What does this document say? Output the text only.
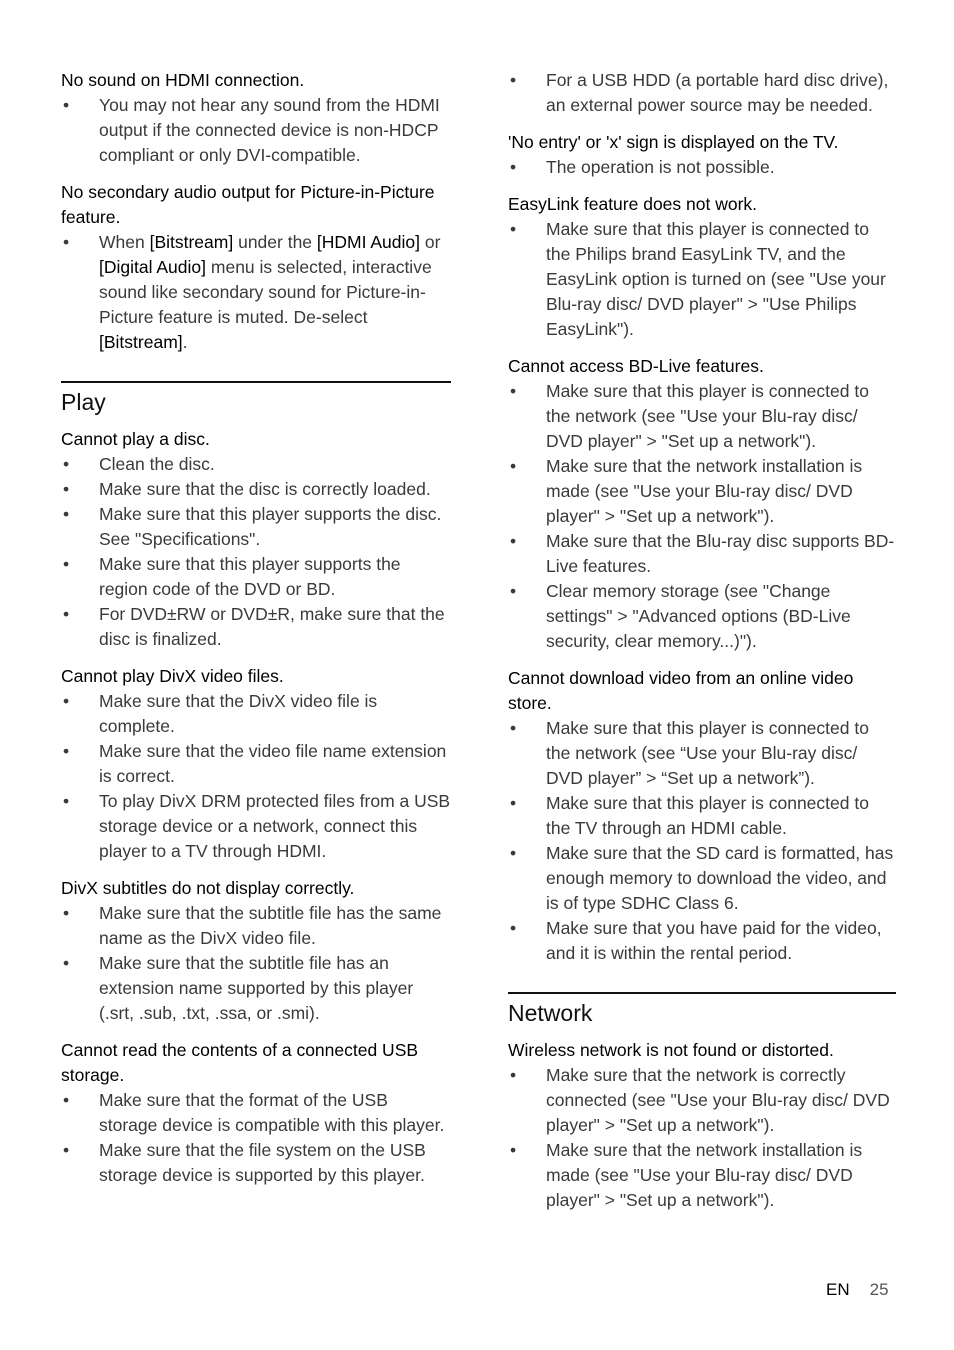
No sound on HDMI connection.

• You may not hear any sound from the HDMI output if the connected device is non-HDCP compliant or only DVI-compatible.

No secondary audio output for Picture-in-Picture feature.

• When [Bitstream] under the [HDMI Audio] or [Digital Audio] menu is selected, interactive sound like secondary sound for Picture-in-Picture feature is muted. De-select [Bitstream].
Play

Cannot play a disc.

• Clean the disc.
• Make sure that the disc is correctly loaded.
• Make sure that this player supports the disc. See "Specifications".
• Make sure that this player supports the region code of the DVD or BD.
• For DVD±RW or DVD±R, make sure that the disc is finalized.

Cannot play DivX video files.

• Make sure that the DivX video file is complete.
• Make sure that the video file name extension is correct.
• To play DivX DRM protected files from a USB storage device or a network, connect this player to a TV through HDMI.

DivX subtitles do not display correctly.

• Make sure that the subtitle file has the same name as the DivX video file.
• Make sure that the subtitle file has an extension name supported by this player (.srt, .sub, .txt, .ssa, or .smi).

Cannot read the contents of a connected USB storage.

• Make sure that the format of the USB storage device is compatible with this player.
• Make sure that the file system on the USB storage device is supported by this player.
• For a USB HDD (a portable hard disc drive), an external power source may be needed.

'No entry' or 'x' sign is displayed on the TV.

• The operation is not possible.

EasyLink feature does not work.

• Make sure that this player is connected to the Philips brand EasyLink TV, and the EasyLink option is turned on (see "Use your Blu-ray disc/ DVD player" > "Use Philips EasyLink").

Cannot access BD-Live features.

• Make sure that this player is connected to the network (see "Use your Blu-ray disc/ DVD player" > "Set up a network").
• Make sure that the network installation is made (see "Use your Blu-ray disc/ DVD player" > "Set up a network").
• Make sure that the Blu-ray disc supports BD-Live features.
• Clear memory storage (see "Change settings" > "Advanced options (BD-Live security, clear memory...)").

Cannot download video from an online video store.

• Make sure that this player is connected to the network (see “Use your Blu-ray disc/ DVD player” > “Set up a network”).
• Make sure that this player is connected to the TV through an HDMI cable.
• Make sure that the SD card is formatted, has enough memory to download the video, and is of type SDHC Class 6.
• Make sure that you have paid for the video, and it is within the rental period.
Network

Wireless network is not found or distorted.

• Make sure that the network is correctly connected (see "Use your Blu-ray disc/ DVD player" > "Set up a network").
• Make sure that the network installation is made (see "Use your Blu-ray disc/ DVD player" > "Set up a network").
EN 25
